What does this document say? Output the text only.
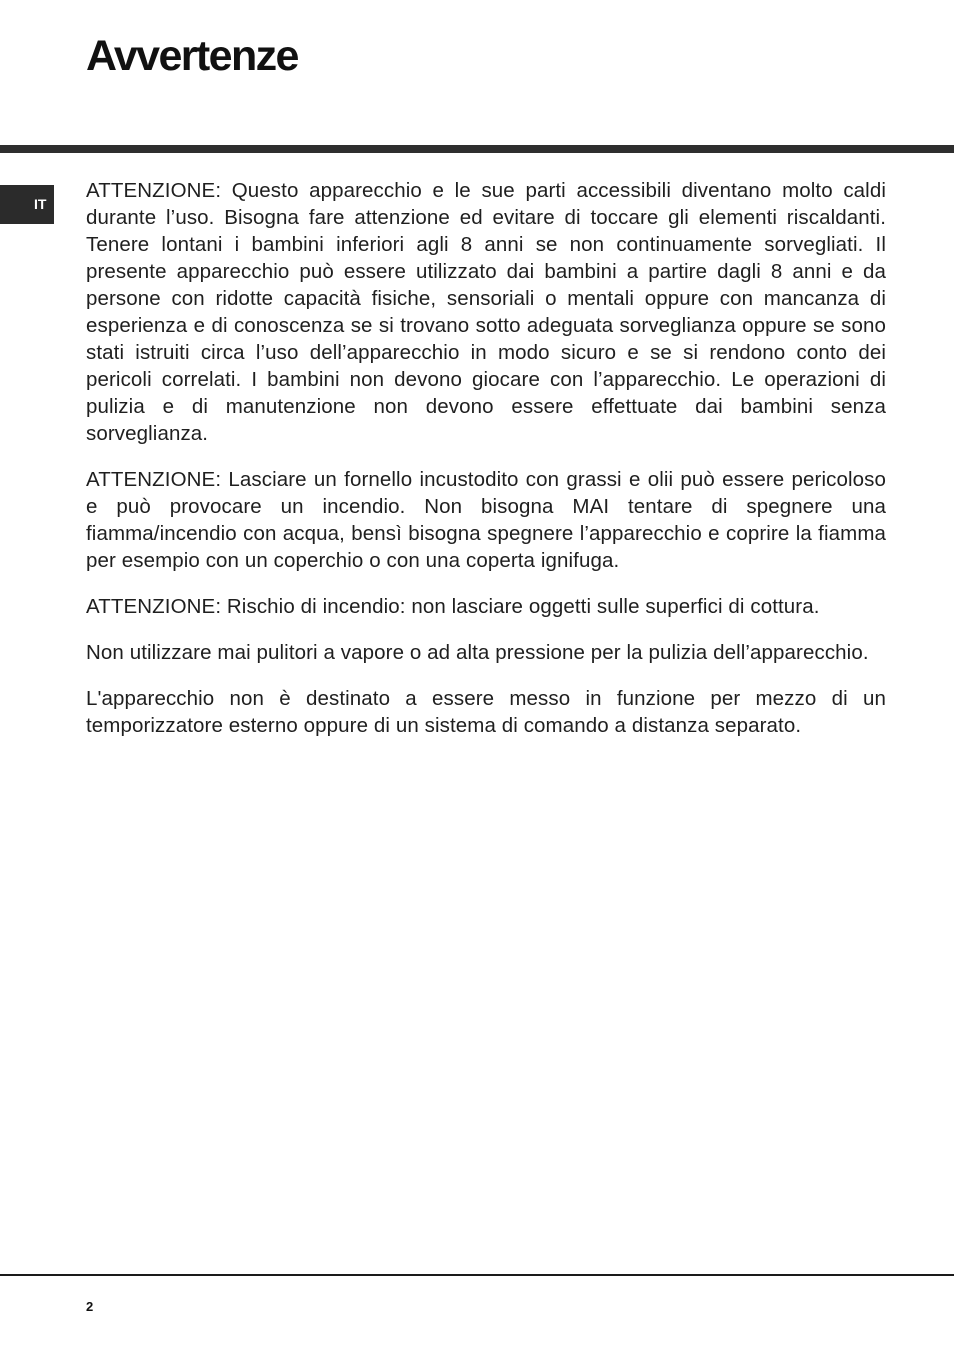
Avvertenze
IT

ATTENZIONE: Questo apparecchio e le sue parti accessibili diventano molto caldi durante l’uso. Bisogna fare attenzione ed evitare di toccare gli elementi riscaldanti. Tenere lontani i bambini inferiori agli 8 anni se non continuamente sorvegliati. Il presente apparecchio può essere utilizzato dai bambini a partire dagli 8 anni e da persone con ridotte capacità fisiche, sensoriali o mentali oppure con mancanza di esperienza e di conoscenza se si trovano sotto adeguata sorveglianza oppure se sono stati istruiti circa l’uso dell’apparecchio in modo sicuro e se si rendono conto dei pericoli correlati. I bambini non devono giocare con l’apparecchio. Le operazioni di pulizia e di manutenzione non devono essere effettuate dai bambini senza sorveglianza.

ATTENZIONE: Lasciare un fornello incustodito con grassi e olii può essere pericoloso e può provocare un incendio. Non bisogna MAI tentare di spegnere una fiamma/incendio con acqua, bensì bisogna spegnere l’apparecchio e coprire la fiamma per esempio con un coperchio o con una coperta ignifuga.

ATTENZIONE: Rischio di incendio: non lasciare oggetti sulle superfici di cottura.

Non utilizzare mai pulitori a vapore o ad alta pressione per la pulizia dell’apparecchio.

L'apparecchio non è destinato a essere messo in funzione per mezzo di un temporizzatore esterno oppure di un sistema di comando a distanza separato.

2
